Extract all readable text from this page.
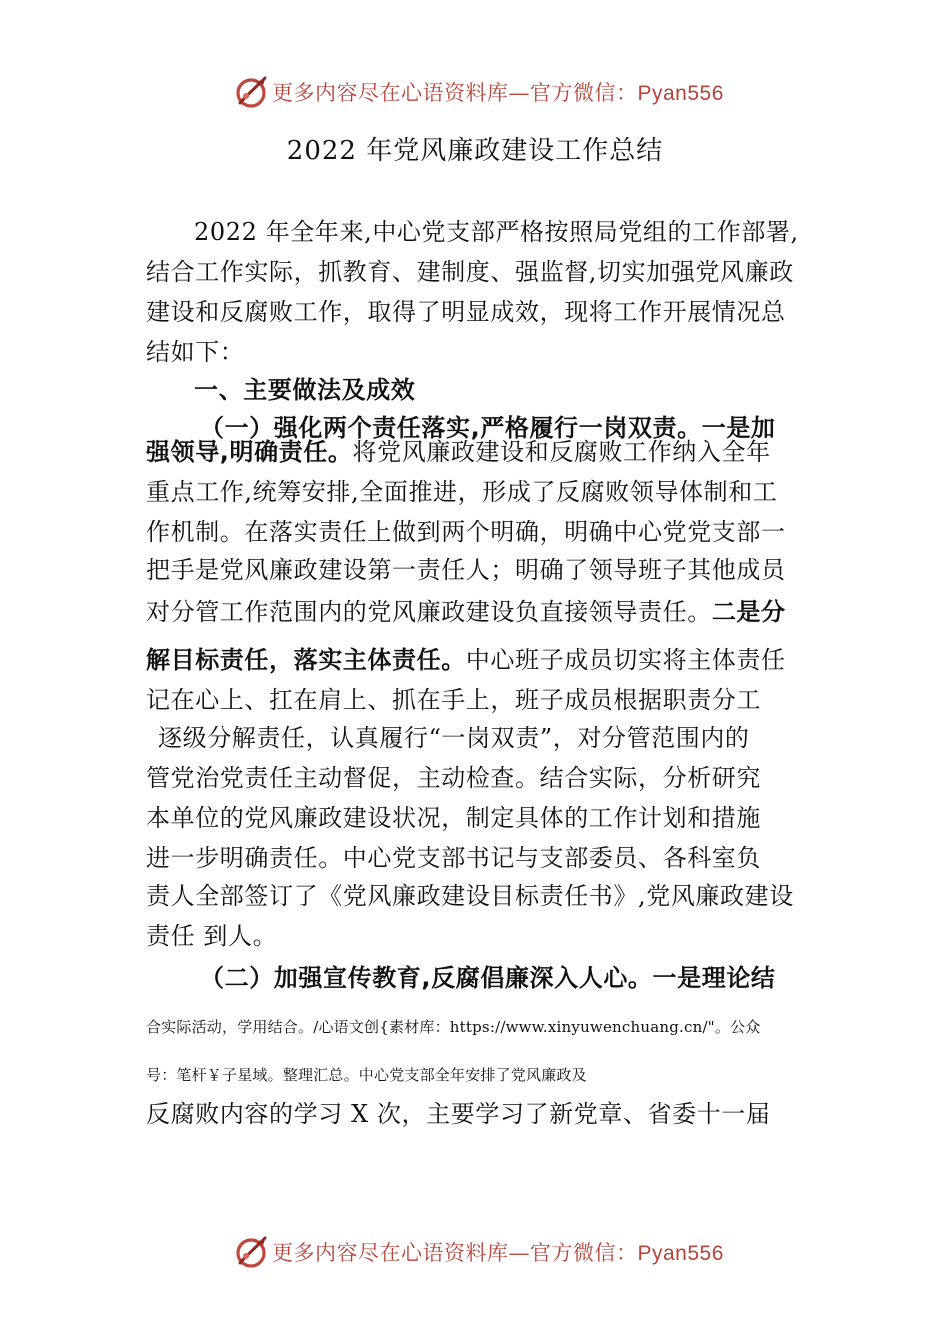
更多内容尽在心语资料库—官方微信：Pyan556
2022 年党风廉政建设工作总结
2022 年全年来,中心党支部严格按照局党组的工作部署,
结合工作实际，抓教育、建制度、强监督,切实加强党风廉政
建设和反腐败工作，取得了明显成效，现将工作开展情况总
结如下：
一、主要做法及成效
（一）强化两个责任落实,严格履行一岗双责。一是加
强领导,明确责任。将党风廉政建设和反腐败工作纳入全年
重点工作,统筹安排,全面推进，形成了反腐败领导体制和工
作机制。在落实责任上做到两个明确，明确中心党党支部一
把手是党风廉政建设第一责任人；明确了领导班子其他成员
对分管工作范围内的党风廉政建设负直接领导责任。二是分
解目标责任，落实主体责任。中心班子成员切实将主体责任
记在心上、扛在肩上、抓在手上，班子成员根据职责分工
逐级分解责任，认真履行“一岗双责”，对分管范围内的
管党治党责任主动督促，主动检查。结合实际，分析研究
本单位的党风廉政建设状况，制定具体的工作计划和措施
进一步明确责任。中心党支部书记与支部委员、各科室负
责人全部签订了《党风廉政建设目标责任书》,党风廉政建设
责任 到人。
（二）加强宣传教育,反腐倡廉深入人心。一是理论结
合实际活动，学用结合。/心语文创{素材库：https://www.xinyuwenchuang.cn/"。公众
号：笔杆￥子星域。整理汇总。中心党支部全年安排了党风廉政及
反腐败内容的学习 X 次，主要学习了新党章、省委十一届
更多内容尽在心语资料库—官方微信：Pyan556
